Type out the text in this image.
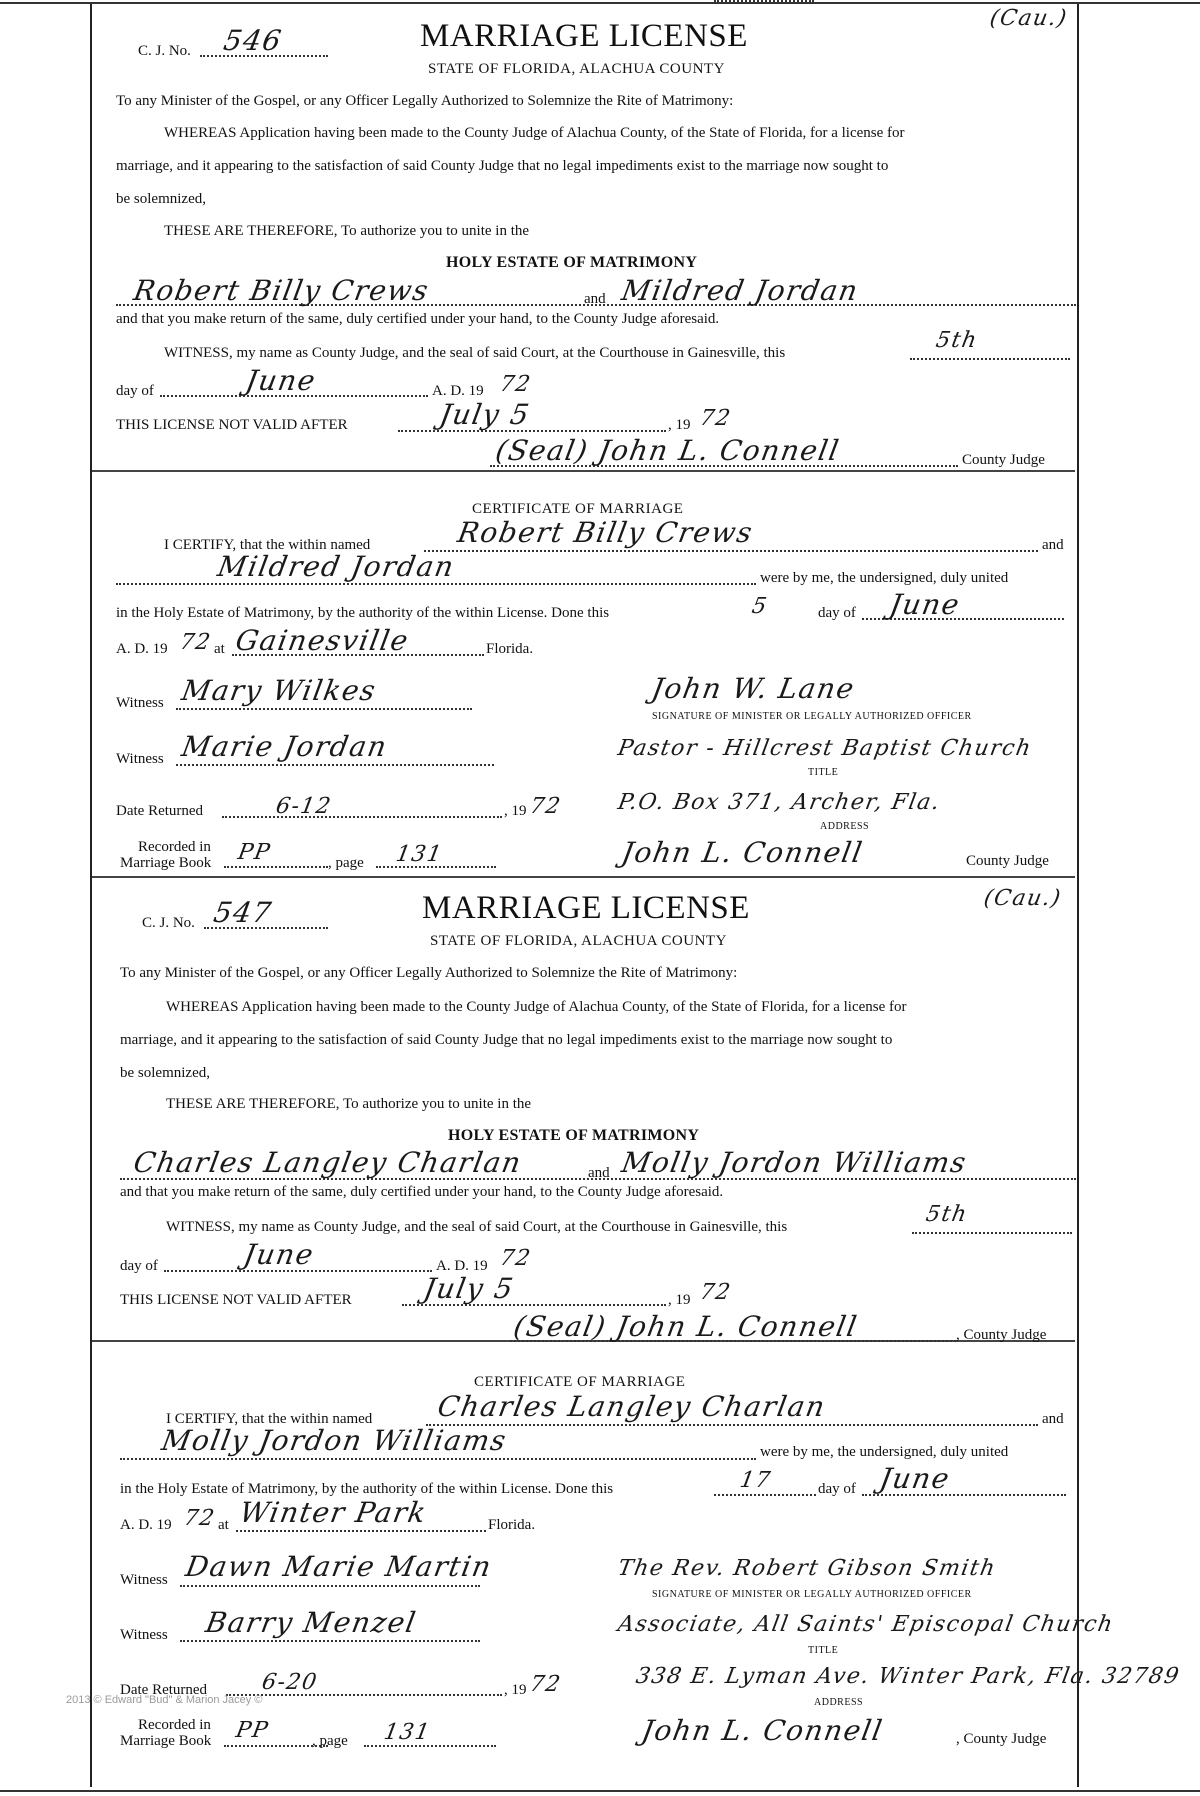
C. J. No. 546	MARRIAGE LICENSE	(Cau.)
STATE OF FLORIDA, ALACHUA COUNTY
To any Minister of the Gospel, or any Officer Legally Authorized to Solemnize the Rite of Matrimony:
WHEREAS Application having been made to the County Judge of Alachua County, of the State of Florida, for a license for
marriage, and it appearing to the satisfaction of said County Judge that no legal impediments exist to the marriage now sought to
be solemnized,
THESE ARE THEREFORE, To authorize you to unite in the
HOLY ESTATE OF MATRIMONY
Robert Billy Crews	and Mildred Jordan
and that you make return of the same, duly certified under your hand, to the County Judge aforesaid.
WITNESS, my name as County Judge, and the seal of said Court, at the Courthouse in Gainesville, this	5th
day of	June	A. D. 19 72
THIS LICENSE NOT VALID AFTER	July 5	, 19 72
(Seal) John L. Connell	County Judge
CERTIFICATE OF MARRIAGE
I CERTIFY, that the within named	Robert Billy Crews	and
Mildred Jordan	were by me, the undersigned, duly united
in the Holy Estate of Matrimony, by the authority of the within License. Done this	5	day of June
A. D. 19 72 at Gainesville	Florida.
Witness Mary Wilkes	John W. Lane
SIGNATURE OF MINISTER OR LEGALLY AUTHORIZED OFFICER
Witness Marie Jordan	Pastor - Hillcrest Baptist Church
TITLE
Date Returned	6-12	, 19 72 P.O. Box 371, Archer, Fla.
ADDRESS
Recorded in
Marriage Book PP	, page 131	John L. Connell	County Judge
C. J. No. 547	MARRIAGE LICENSE	(Cau.)
STATE OF FLORIDA, ALACHUA COUNTY
To any Minister of the Gospel, or any Officer Legally Authorized to Solemnize the Rite of Matrimony:
WHEREAS Application having been made to the County Judge of Alachua County, of the State of Florida, for a license for
marriage, and it appearing to the satisfaction of said County Judge that no legal impediments exist to the marriage now sought to
be solemnized,
THESE ARE THEREFORE, To authorize you to unite in the
HOLY ESTATE OF MATRIMONY
Charles Langley Charlan	and Molly Jordon Williams
and that you make return of the same, duly certified under your hand, to the County Judge aforesaid.
WITNESS, my name as County Judge, and the seal of said Court, at the Courthouse in Gainesville, this	5th
day of	June	A. D. 19 72
THIS LICENSE NOT VALID AFTER July 5	, 19 72
(Seal) John L. Connell	, County Judge
CERTIFICATE OF MARRIAGE
I CERTIFY, that the within named Charles Langley Charlan	and
Molly Jordon Williams	were by me, the undersigned, duly united
in the Holy Estate of Matrimony, by the authority of the within License. Done this	17	day of June
A. D. 19 72 at Winter Park	Florida.
Witness Dawn Marie Martin	The Rev. Robert Gibson Smith
SIGNATURE OF MINISTER OR LEGALLY AUTHORIZED OFFICER
Witness Barry Menzel	Associate, All Saints' Episcopal Church
TITLE
Date Returned 6-20	, 19 72	338 E. Lyman Ave. Winter Park, Fla. 32789
ADDRESS
2013 © Edward "Bud" & Marion Jacey ©
Recorded in
Marriage Book PP	, page 131	John L. Connell	, County Judge
